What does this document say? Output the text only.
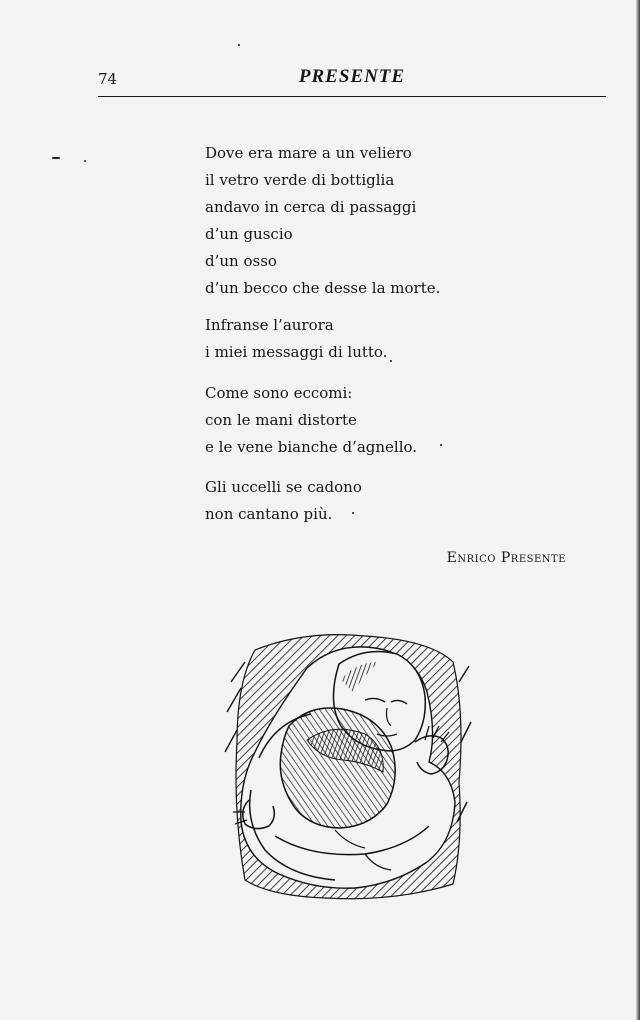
74	PRESENTE
Dove era mare a un veliero
il vetro verde di bottiglia
andavo in cerca di passaggi
d’un guscio
d’un osso
d’un becco che desse la morte.
Infranse l’aurora
i miei messaggi di lutto.
Come sono eccomi:
con le mani distorte
e le vene bianche d’agnello.
Gli uccelli se cadono
non cantano più.
Enrico Presente
